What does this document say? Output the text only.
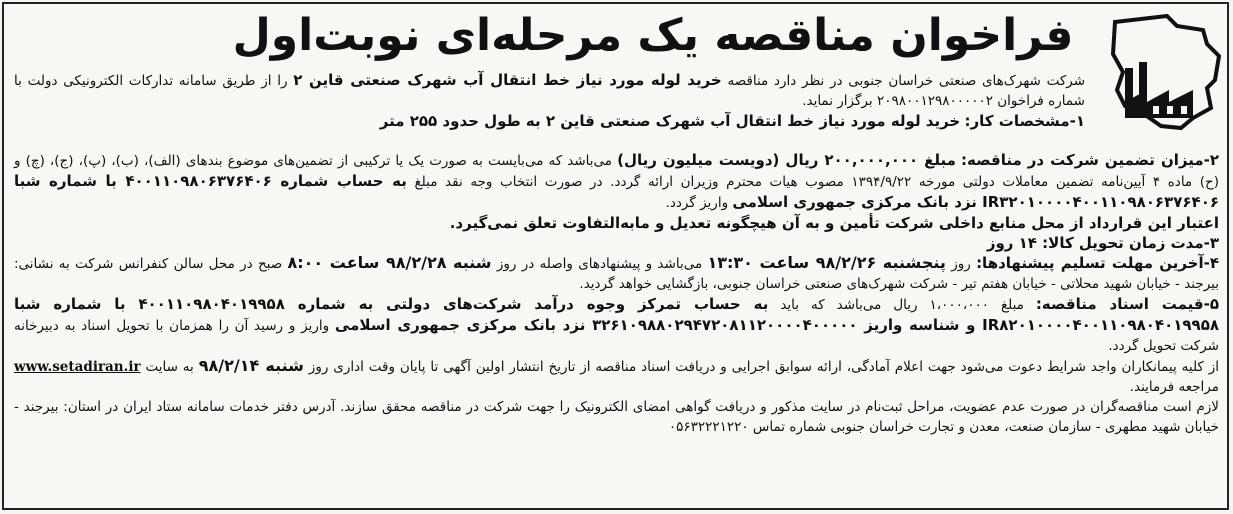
فراخوان مناقصه یک مرحله‌ای نوبت‌اول

شرکت شهرک‌های صنعتی خراسان جنوبی در نظر دارد مناقصه خرید لوله مورد نیاز خط انتقال آب شهرک صنعتی قاین ۲ را از طریق سامانه تدارکات الکترونیکی دولت با شماره فراخوان ۲۰۹۸۰۰۱۲۹۸۰۰۰۰۰۲ برگزار نماید.

۱-مشخصات کار: خرید لوله مورد نیاز خط انتقال آب شهرک صنعتی قاین ۲ به طول حدود ۲۵۵ متر

۲-میزان تضمین شرکت در مناقصه: مبلغ ۲۰۰,۰۰۰,۰۰۰ ریال (دویست میلیون ریال) می‌باشد که می‌بایست به صورت یک یا ترکیبی از تضمین‌های موضوع بندهای (الف)، (ب)، (پ)، (ج)، (چ) و (ح) ماده ۴ آیین‌نامه تضمین معاملات دولتی مورخه ۱۳۹۴/۹/۲۲ مصوب هیات محترم وزیران ارائه گردد. در صورت انتخاب وجه نقد مبلغ به حساب شماره ۴۰۰۱۱۰۹۸۰۶۳۷۶۴۰۶ با شماره شبا IR۳۲۰۱۰۰۰۰۴۰۰۱۱۰۹۸۰۶۳۷۶۴۰۶ نزد بانک مرکزی جمهوری اسلامی واریز گردد.

اعتبار این قرارداد از محل منابع داخلی شرکت تأمین و به آن هیچگونه تعدیل و مابه‌التفاوت تعلق نمی‌گیرد.

۳-مدت زمان تحویل کالا: ۱۴ روز

۴-آخرین مهلت تسلیم پیشنهادها: روز پنجشنبه ۹۸/۲/۲۶ ساعت ۱۳:۳۰ می‌باشد و پیشنهادهای واصله در روز شنبه ۹۸/۲/۲۸ ساعت ۸:۰۰ صبح در محل سالن کنفرانس شرکت به نشانی: بیرجند - خیابان شهید محلاتی - خیابان هفتم تیر - شرکت شهرک‌های صنعتی خراسان جنوبی، بازگشایی خواهد گردید.

۵-قیمت اسناد مناقصه: مبلغ ۱،۰۰۰،۰۰۰ ریال می‌باشد که باید به حساب تمرکز وجوه درآمد شرکت‌های دولتی به شماره ۴۰۰۱۱۰۹۸۰۴۰۱۹۹۵۸ با شماره شبا IR۸۲۰۱۰۰۰۰۴۰۰۱۱۰۹۸۰۴۰۱۹۹۵۸ و شناسه واریز ۳۲۶۱۰۹۸۸۰۲۹۴۷۲۰۸۱۱۲۰۰۰۰۴۰۰۰۰۰ نزد بانک مرکزی جمهوری اسلامی واریز و رسید آن را همزمان با تحویل اسناد به دبیرخانه شرکت تحویل گردد.

از کلیه پیمانکاران واجد شرایط دعوت می‌شود جهت اعلام آمادگی، ارائه سوابق اجرایی و دریافت اسناد مناقصه از تاریخ انتشار اولین آگهی تا پایان وقت اداری روز شنبه ۹۸/۲/۱۴ به سایت www.setadiran.ir مراجعه فرمایند.

لازم است مناقصه‌گران در صورت عدم عضویت، مراحل ثبت‌نام در سایت مذکور و دریافت گواهی امضای الکترونیک را جهت شرکت در مناقصه محقق سازند. آدرس دفتر خدمات سامانه ستاد ایران در استان: بیرجند - خیابان شهید مطهری - سازمان صنعت، معدن و تجارت خراسان جنوبی شماره تماس ۰۵۶۳۲۲۲۱۲۲۰
